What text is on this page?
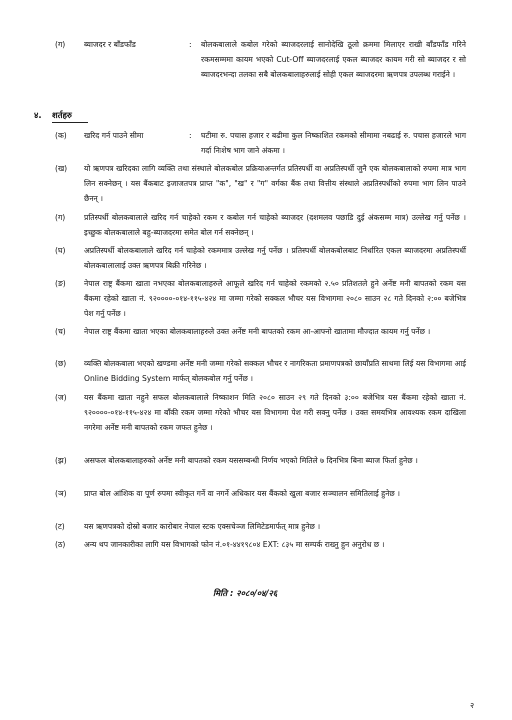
(ग) ब्याजदर र बाँडफाँड	: बोलकबालाले कबोल गरेको ब्याजदरलाई सानोदेखि ठूलो क्रममा मिलाएर राखी बाँडफाँड गरिने रकमसम्ममा कायम भएको Cut-Off ब्याजदरलाई एकल ब्याजदर कायम गरी सो ब्याजदर र सो ब्याजदरभन्दा तलका सबै बोलकबालाहरुलाई सोही एकल ब्याजदरमा ऋणपत्र उपलब्ध गराईने ।
४. शर्तहरु
(क) खरिद गर्न पाउने सीमा	: घटीमा रु. पचास हजार र बढीमा कुल निष्काशित रकमको सीमामा नबढाई रु. पचास हजारले भाग गर्दा निःशेष भाग जाने अंकमा ।
(ख) यो ऋणपत्र खरिदका लागि व्यक्ति तथा संस्थाले बोलकबोल प्रक्रियाअन्तर्गत प्रतिस्पर्धी वा अप्रतिस्पर्धी जुनै एक बोलकबालाको रुपमा मात्र भाग लिन सक्नेछन् । यस बैंकबाट इजाजतपत्र प्राप्त "क", "ख" र "ग" वर्गका बैंक तथा वित्तीय संस्थाले अप्रतिस्पर्धीको रुपमा भाग लिन पाउने छैनन् ।
(ग) प्रतिस्पर्धी बोलकबालाले खरिद गर्न चाहेको रकम र कबोल गर्न चाहेको ब्याजदर (दशमलव पछाडि दुई अंकसम्म मात्र) उल्लेख गर्नु पर्नेछ । इच्छुक बोलकबालाले बहु-ब्याजदरमा समेत बोल गर्न सक्नेछन् ।
(घ) अप्रतिस्पर्धी बोलकबालाले खरिद गर्न चाहेको रकममात्र उल्लेख गर्नु पर्नेछ । प्रतिस्पर्धी बोलकबोलबाट निर्धारित एकल ब्याजदरमा अप्रतिस्पर्धी बोलकबालालाई उक्त ऋणपत्र बिक्री गरिनेछ ।
(ङ) नेपाल राष्ट्र बैंकमा खाता नभएका बोलकबालाहरुले आफूले खरिद गर्न चाहेको रकमको २.५० प्रतिशतले हुने अर्नेष्ट मनी बापतको रकम यस बैंकमा रहेको खाता नं. ९२००००-०१४-११५-४२४ मा जम्मा गरेको सक्कल भौचर यस विभागमा २०८० साउन २८ गते दिनको २:०० बजेभित्र पेश गर्नु पर्नेछ ।
(च) नेपाल राष्ट्र बैंकमा खाता भएका बोलकबालाहरुले उक्त अर्नेष्ट मनी बापतको रकम आ-आफ्नो खातामा मौज्दात कायम गर्नु पर्नेछ ।
(छ) व्यक्ति बोलकबाला भएको खण्डमा अर्नेष्ट मनी जम्मा गरेको सक्कल भौचर र नागरिकता प्रमाणपत्रको छायाँप्रति साथमा लिई यस विभागमा आई Online Bidding System मार्फत् बोलकबोल गर्नु पर्नेछ ।
(ज) यस बैंकमा खाता नहुने सफल बोलकबालाले निष्काशन मिति २०८० साउन २९ गते दिनको ३:०० बजेभित्र यस बैंकमा रहेको खाता नं. ९२००००-०१४-११५-४२४ मा बाँकी रकम जम्मा गरेको भौचर यस विभागमा पेश गरी सक्नु पर्नेछ । उक्त समयभित्र आवश्यक रकम दाखिला नगरेमा अर्नेष्ट मनी बापतको रकम जफत हुनेछ ।
(झ) असफल बोलकबालाहरुको अर्नेष्ट मनी बापतको रकम यससम्बन्धी निर्णय भएको मितिले ७ दिनभित्र बिना ब्याज फिर्ता हुनेछ ।
(ञ) प्राप्त बोल आंशिक वा पूर्ण रुपमा स्वीकृत गर्ने वा नगर्ने अधिकार यस बैंकको खुला बजार सञ्चालन समितिलाई हुनेछ ।
(ट)	यस ऋणपत्रको दोस्रो बजार कारोबार नेपाल स्टक एक्सचेञ्ज लिमिटेडमार्फत् मात्र हुनेछ ।
(ठ) अन्य थप जानकारीका लागि यस विभागको फोन नं.०१-४४१९८०४ EXT: ८३५ मा सम्पर्क राख्नु हुन अनुरोध छ ।
मिति : २०८०/०४/२६
२
